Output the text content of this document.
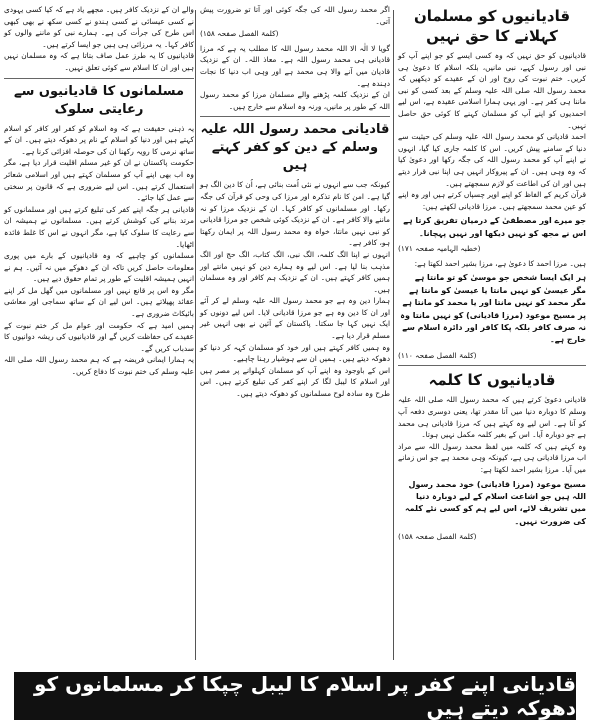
قادیانیوں کو مسلمان کہلانے کا حق نہیں

قادیانیوں کو حق نہیں کہ وہ کسی ایسے کو جو اپنے آپ کو نبی اور رسول کہے، نبی مانیں، بلکہ اسلام کا دعویٰ ہی کریں۔ ختم نبوت کی روح اور ان کے عقیدے کو دیکھیں کہ محمد رسول اللہ صلی اللہ علیہ وسلم کے بعد کسی کو نبی ماننا ہی کفر ہے۔ اور یہی ہمارا اسلامی عقیدہ ہے، اس لیے احمدیوں کو اپنے آپ کو مسلمان کہنے کا کوئی حق حاصل نہیں۔

احمد قادیانی کو محمد رسول اللہ علیہ وسلم کی حیثیت سے دنیا کے سامنے پیش کریں۔ اس کا کلمہ جاری کیا گیا، انہوں نے اپنے آپ کو محمد رسول اللہ کی جگہ رکھا اور دعویٰ کیا کہ وہ وہی ہیں۔ ان کے پیروکار انہیں ہی اپنا نبی قرار دیتے ہیں اور ان کی اطاعت کو لازم سمجھتے ہیں۔

قرآن کریم کے الفاظ کو اپنے اوپر چسپاں کرتے ہیں اور وہ اپنے کو عین محمد سمجھتے ہیں۔ مرزا قادیانی لکھتے ہیں:

جو میرے اور مصطفیٰ کے درمیان تفریق کرتا ہے اس نے مجھ کو نہیں دیکھا اور نہیں پہچانا۔
(خطبہ الہامیہ صفحہ ۱۷۱)

ہیں۔ مرزا احمد کا دعویٰ ہے، مرزا بشیر احمد لکھتا ہے:

ہر ایک ایسا شخص جو موسیٰ کو تو مانتا ہے مگر عیسیٰ کو نہیں مانتا یا عیسیٰ کو مانتا ہے مگر محمد کو نہیں مانتا اور یا محمد کو مانتا ہے پر مسیح موعود (مرزا قادیانی) کو نہیں مانتا وہ نہ صرف کافر بلکہ پکا کافر اور دائرہ اسلام سے خارج ہے۔
(کلمۃ الفصل صفحہ ۱۱۰)
قادیانیوں کا کلمہ

قادیانی دعویٰ کرتے ہیں کہ محمد رسول اللہ صلی اللہ علیہ وسلم کا دوبارہ دنیا میں آنا مقدر تھا، یعنی دوسری دفعہ آپ کو آنا ہے۔ اس لیے وہ کہتے ہیں کہ مرزا قادیانی ہی محمد ہے جو دوبارہ آیا۔ اس کے بغیر کلمہ مکمل نہیں ہوتا۔

وہ کہتے ہیں کہ کلمہ میں لفظ محمد رسول اللہ سے مراد اب مرزا قادیانی ہی ہے، کیونکہ وہی محمد ہے جو اس زمانے میں آیا۔ مرزا بشیر احمد لکھتا ہے:

مسیح موعود (مرزا قادیانی) خود محمد رسول اللہ ہیں جو اشاعت اسلام کے لیے دوبارہ دنیا میں تشریف لائے، اس لیے ہم کو کسی نئے کلمہ کی ضرورت نہیں۔
(کلمۃ الفصل صفحہ ۱۵۸)

اگر محمد رسول اللہ کی جگہ کوئی اور آتا تو ضرورت پیش آتی۔

(کلمۃ الفصل صفحہ ۱۵۸)

گویا لا الٰہ الا اللہ محمد رسول اللہ کا مطلب یہ ہے کہ مرزا قادیانی ہی محمد رسول اللہ ہے۔ معاذ اللہ۔ ان کے نزدیک قادیان میں آنے والا ہی محمد ہے اور وہی اب دنیا کا نجات دہندہ ہے۔

ان کے نزدیک کلمہ پڑھنے والے مسلمان مرزا کو محمد رسول اللہ کے طور پر مانیں، ورنہ وہ اسلام سے خارج ہیں۔

قادیانی محمد رسول اللہ علیہ وسلم کے دین کو کفر کہتے ہیں

کیونکہ جب سے انہوں نے نئی اُمت بنائی ہے، اُن کا دین الگ ہو گیا ہے۔ امن کا نام تذکرہ اور مرزا کی وحی کو قرآن کی جگہ رکھا۔ اور مسلمانوں کو کافر کہا۔ ان کے نزدیک مرزا کو نہ ماننے والا کافر ہے۔ ان کے نزدیک کوئی شخص جو مرزا قادیانی کو نبی نہیں مانتا، خواہ وہ محمد رسول اللہ پر ایمان رکھتا ہو، کافر ہے۔

انہوں نے اپنا الگ کلمہ، الگ نبی، الگ کتاب، الگ حج اور الگ مذہب بنا لیا ہے۔ اس لیے وہ ہمارے دین کو نہیں مانتے اور ہمیں کافر کہتے ہیں۔ ان کے نزدیک ہم کافر اور وہ مسلمان ہیں۔

ہمارا دین وہ ہے جو محمد رسول اللہ علیہ وسلم لے کر آئے اور ان کا دین وہ ہے جو مرزا قادیانی لایا۔ اس لیے دونوں کو ایک نہیں کہا جا سکتا۔ پاکستان کے آئین نے بھی انہیں غیر مسلم قرار دیا ہے۔

وہ ہمیں کافر کہتے ہیں اور خود کو مسلمان کہہ کر دنیا کو دھوکہ دیتے ہیں۔ ہمیں ان سے ہوشیار رہنا چاہیے۔

اس کے باوجود وہ اپنے آپ کو مسلمان کہلوانے پر مصر ہیں اور اسلام کا لیبل لگا کر اپنے کفر کی تبلیغ کرتے ہیں۔ اس طرح وہ سادہ لوح مسلمانوں کو دھوکہ دیتے ہیں۔

والے ان کے نزدیک کافر ہیں۔ مجھے یاد ہے کہ کیا کسی یہودی نے کسی عیسائی نے کسی ہندو نے کسی سکھ نے بھی کبھی اس طرح کی جرأت کی ہے۔ ہمارے نبی کو ماننے والوں کو کافر کہا۔ یہ مرزائی ہی ہیں جو ایسا کرتے ہیں۔

قادیانیوں کا یہ طرز عمل صاف بتاتا ہے کہ وہ مسلمان نہیں ہیں اور ان کا اسلام سے کوئی تعلق نہیں۔

مسلمانوں کا قادیانیوں سے رعایتی سلوک

یہ ذہنی حقیقت ہے کہ وہ اسلام کو کفر اور کافر کو اسلام کہتے ہیں اور دنیا کو اسلام کے نام پر دھوکہ دیتے ہیں۔ ان کے ساتھ نرمی کا رویہ رکھنا ان کی حوصلہ افزائی کرنا ہے۔

حکومت پاکستان نے ان کو غیر مسلم اقلیت قرار دیا ہے، مگر وہ اب بھی اپنے آپ کو مسلمان کہتے ہیں اور اسلامی شعائر استعمال کرتے ہیں۔ اس لیے ضروری ہے کہ قانون پر سختی سے عمل کیا جائے۔

قادیانی ہر جگہ اپنے کفر کی تبلیغ کرتے ہیں اور مسلمانوں کو مرتد بنانے کی کوشش کرتے ہیں۔ مسلمانوں نے ہمیشہ ان سے رعایت کا سلوک کیا ہے، مگر انہوں نے اس کا غلط فائدہ اٹھایا۔

مسلمانوں کو چاہیے کہ وہ قادیانیوں کے بارے میں پوری معلومات حاصل کریں تاکہ ان کے دھوکے میں نہ آئیں۔ ہم نے انہیں ہمیشہ اقلیت کے طور پر تمام حقوق دیے ہیں۔

مگر وہ اس پر قانع نہیں اور مسلمانوں میں گھل مل کر اپنے عقائد پھیلاتے ہیں۔ اس لیے ان کے ساتھ سماجی اور معاشی بائیکاٹ ضروری ہے۔

ہمیں امید ہے کہ حکومت اور عوام مل کر ختم نبوت کے عقیدے کی حفاظت کریں گے اور قادیانیوں کی ریشہ دوانیوں کا سدباب کریں گے۔

یہ ہمارا ایمانی فریضہ ہے کہ ہم محمد رسول اللہ صلی اللہ علیہ وسلم کی ختم نبوت کا دفاع کریں۔

قادیانی اپنے کفر پر اسلام کا لیبل چپکا کر مسلمانوں کو دھوکہ دیتے ہیں
